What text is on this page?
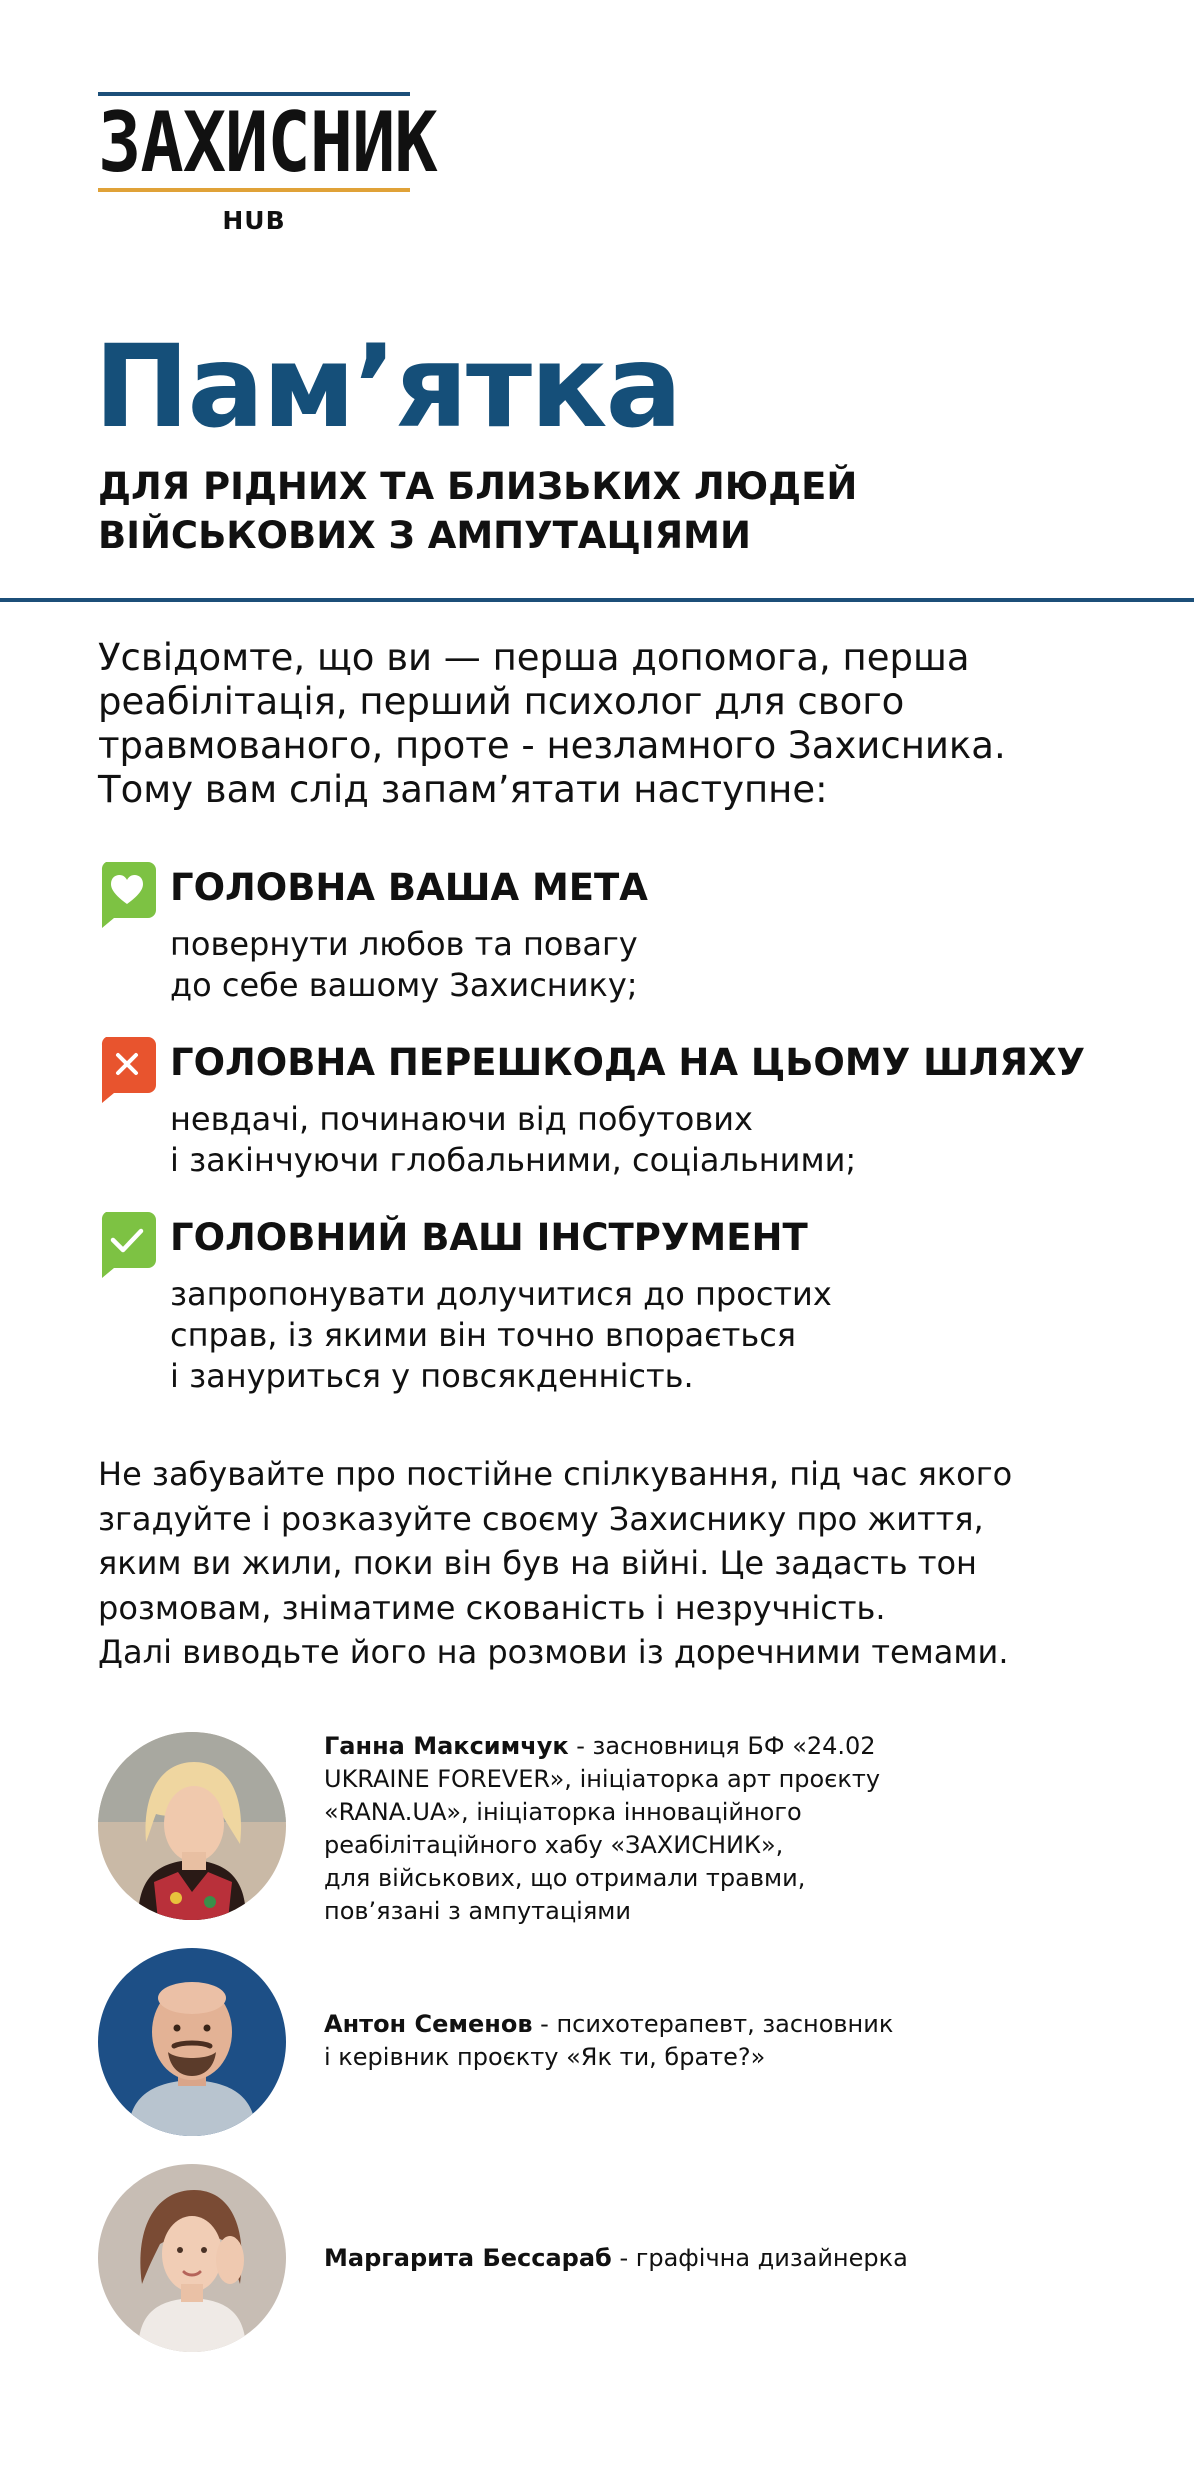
ЗАХИСНИК
HUB
Пам’ятка
ДЛЯ РІДНИХ ТА БЛИЗЬКИХ ЛЮДЕЙ
ВІЙСЬКОВИХ З АМПУТАЦІЯМИ
Усвідомте, що ви — перша допомога, перша
реабілітація, перший психолог для свого
травмованого, проте - незламного Захисника.
Тому вам слід запам’ятати наступне:
ГОЛОВНА ВАША МЕТА
повернути любов та повагу
до себе вашому Захиснику;
ГОЛОВНА ПЕРЕШКОДА НА ЦЬОМУ ШЛЯХУ
невдачі, починаючи від побутових
і закінчуючи глобальними, соціальними;
ГОЛОВНИЙ ВАШ ІНСТРУМЕНТ
запропонувати долучитися до простих
справ, із якими він точно впорається
і зануриться у повсякденність.
Не забувайте про постійне спілкування, під час якого
згадуйте і розказуйте своєму Захиснику про життя,
яким ви жили, поки він був на війні. Це задасть тон
розмовам, зніматиме скованість і незручність.
Далі виводьте його на розмови із доречними темами.
Ганна Максимчук - засновниця БФ «24.02
UKRAINE FOREVER», ініціаторка арт проєкту
«RANA.UA», ініціаторка інноваційного
реабілітаційного хабу «ЗАХИСНИК»,
для військових, що отримали травми,
пов’язані з ампутаціями
Антон Семенов - психотерапевт, засновник
і керівник проєкту «Як ти, брате?»
Маргарита Бессараб - графічна дизайнерка
